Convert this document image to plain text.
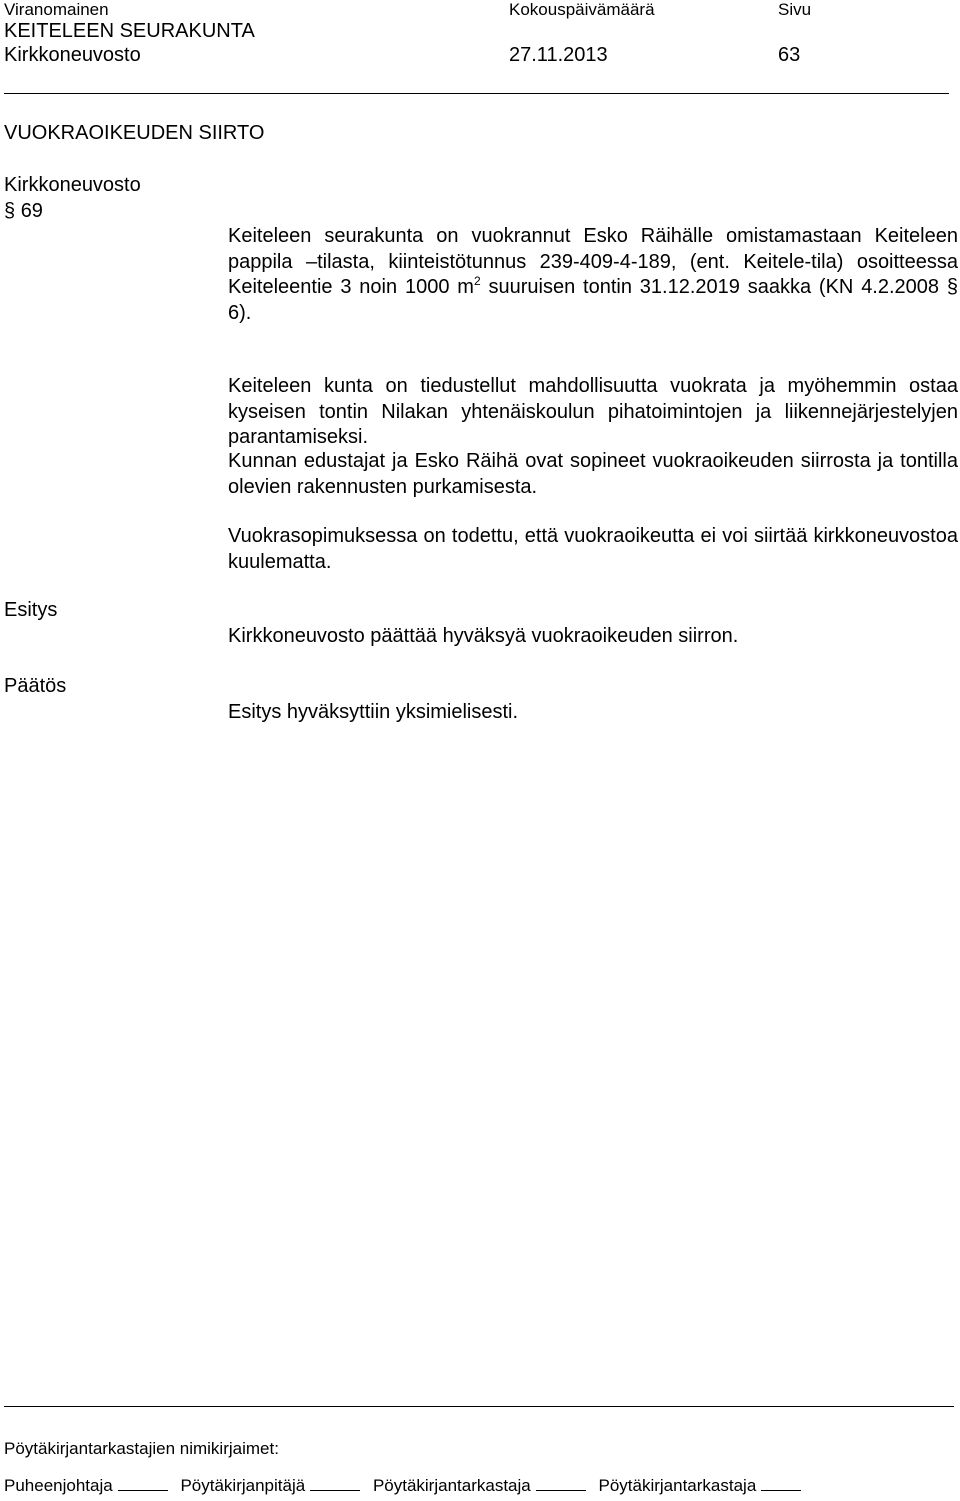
Viranomainen	Kokouspäivämäärä	Sivu
KEITELEEN SEURAKUNTA
Kirkkoneuvosto	27.11.2013	63
VUOKRAOIKEUDEN SIIRTO
Kirkkoneuvosto
§ 69

Keiteleen seurakunta on vuokrannut Esko Räihälle omistamastaan Keiteleen pappila –tilasta, kiinteistötunnus 239-409-4-189, (ent. Keitele-tila) osoitteessa Keiteleentie 3 noin 1000 $m^2$ suuruisen tontin 31.12.2019 saakka (KN 4.2.2008 § 6).

Keiteleen kunta on tiedustellut mahdollisuutta vuokrata ja myöhemmin ostaa kyseisen tontin Nilakan yhtenäiskoulun pihatoimintojen ja liikennejärjestelyjen parantamiseksi.

Kunnan edustajat ja Esko Räihä ovat sopineet vuokraoikeuden siirrosta ja tontilla olevien rakennusten purkamisesta.

Vuokrasopimuksessa on todettu, että vuokraoikeutta ei voi siirtää kirkkoneuvostoa kuulematta.

Esitys

Kirkkoneuvosto päättää hyväksyä vuokraoikeuden siirron.

Päätös

Esitys hyväksyttiin yksimielisesti.

Pöytäkirjantarkastajien nimikirjaimet:
Puheenjohtaja	Pöytäkirjanpitäjä	Pöytäkirjantarkastaja	Pöytäkirjantarkastaja
